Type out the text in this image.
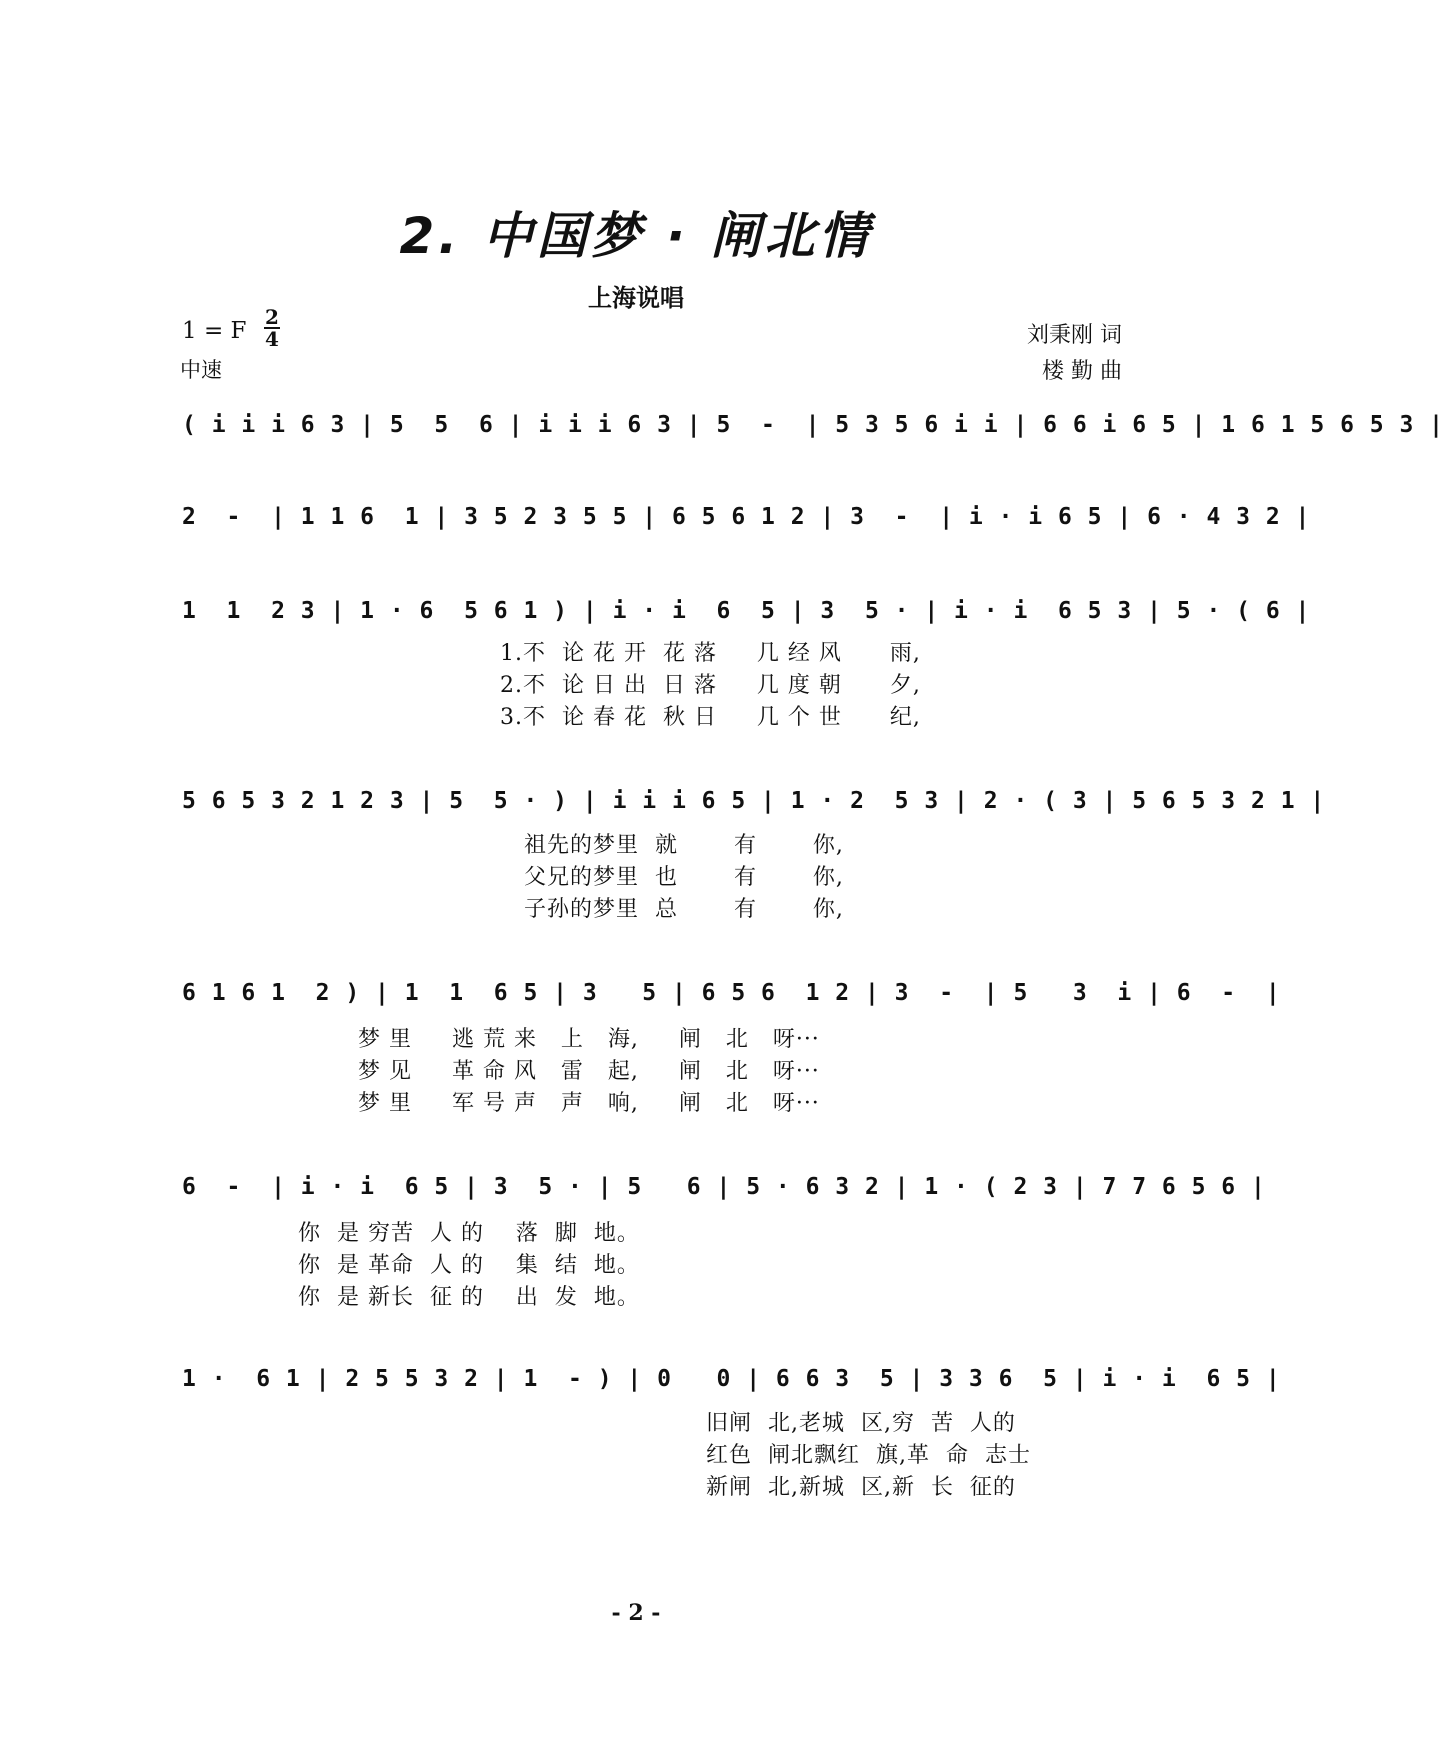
2. 中国梦 · 闸北情
上海说唱
1 = F
2
4
中速
刘秉刚 词
楼 勤 曲
( i i i 6 3 | 5  5  6 | i i i 6 3 | 5  -  | 5 3 5 6 i i | 6 6 i 6 5 | 1 6 1 5 6 5 3 |
2  -  | 1 1 6  1 | 3 5 2 3 5 5 | 6 5 6 1 2 | 3  -  | i · i 6 5 | 6 · 4 3 2 |
1  1  2 3 | 1 · 6  5 6 1 ) | i · i  6  5 | 3  5 · | i · i  6 5 3 | 5 · ( 6 |
1.不  论 花 开  花 落     几 经 风      雨,
2.不  论 日 出  日 落     几 度 朝      夕,
3.不  论 春 花  秋 日     几 个 世      纪,
5 6 5 3 2 1 2 3 | 5  5 · ) | i i i 6 5 | 1 · 2  5 3 | 2 · ( 3 | 5 6 5 3 2 1 |
祖先的梦里  就       有       你,
父兄的梦里  也       有       你,
子孙的梦里  总       有       你,
6 1 6 1  2 ) | 1  1  6 5 | 3   5 | 6 5 6  1 2 | 3  -  | 5   3  i | 6  -  |
梦 里     逃 荒 来   上   海,     闸   北   呀···
梦 见     革 命 风   雷   起,     闸   北   呀···
梦 里     军 号 声   声   响,     闸   北   呀···
6  -  | i · i  6 5 | 3  5 · | 5   6 | 5 · 6 3 2 | 1 · ( 2 3 | 7 7 6 5 6 |
你  是 穷苦  人 的    落  脚  地。
你  是 革命  人 的    集  结  地。
你  是 新长  征 的    出  发  地。
1 ·  6 1 | 2 5 5 3 2 | 1  - ) | 0   0 | 6 6 3  5 | 3 3 6  5 | i · i  6 5 |
旧闸  北,老城  区,穷  苦  人的
红色  闸北飘红  旗,革  命  志士
新闸  北,新城  区,新  长  征的
- 2 -
